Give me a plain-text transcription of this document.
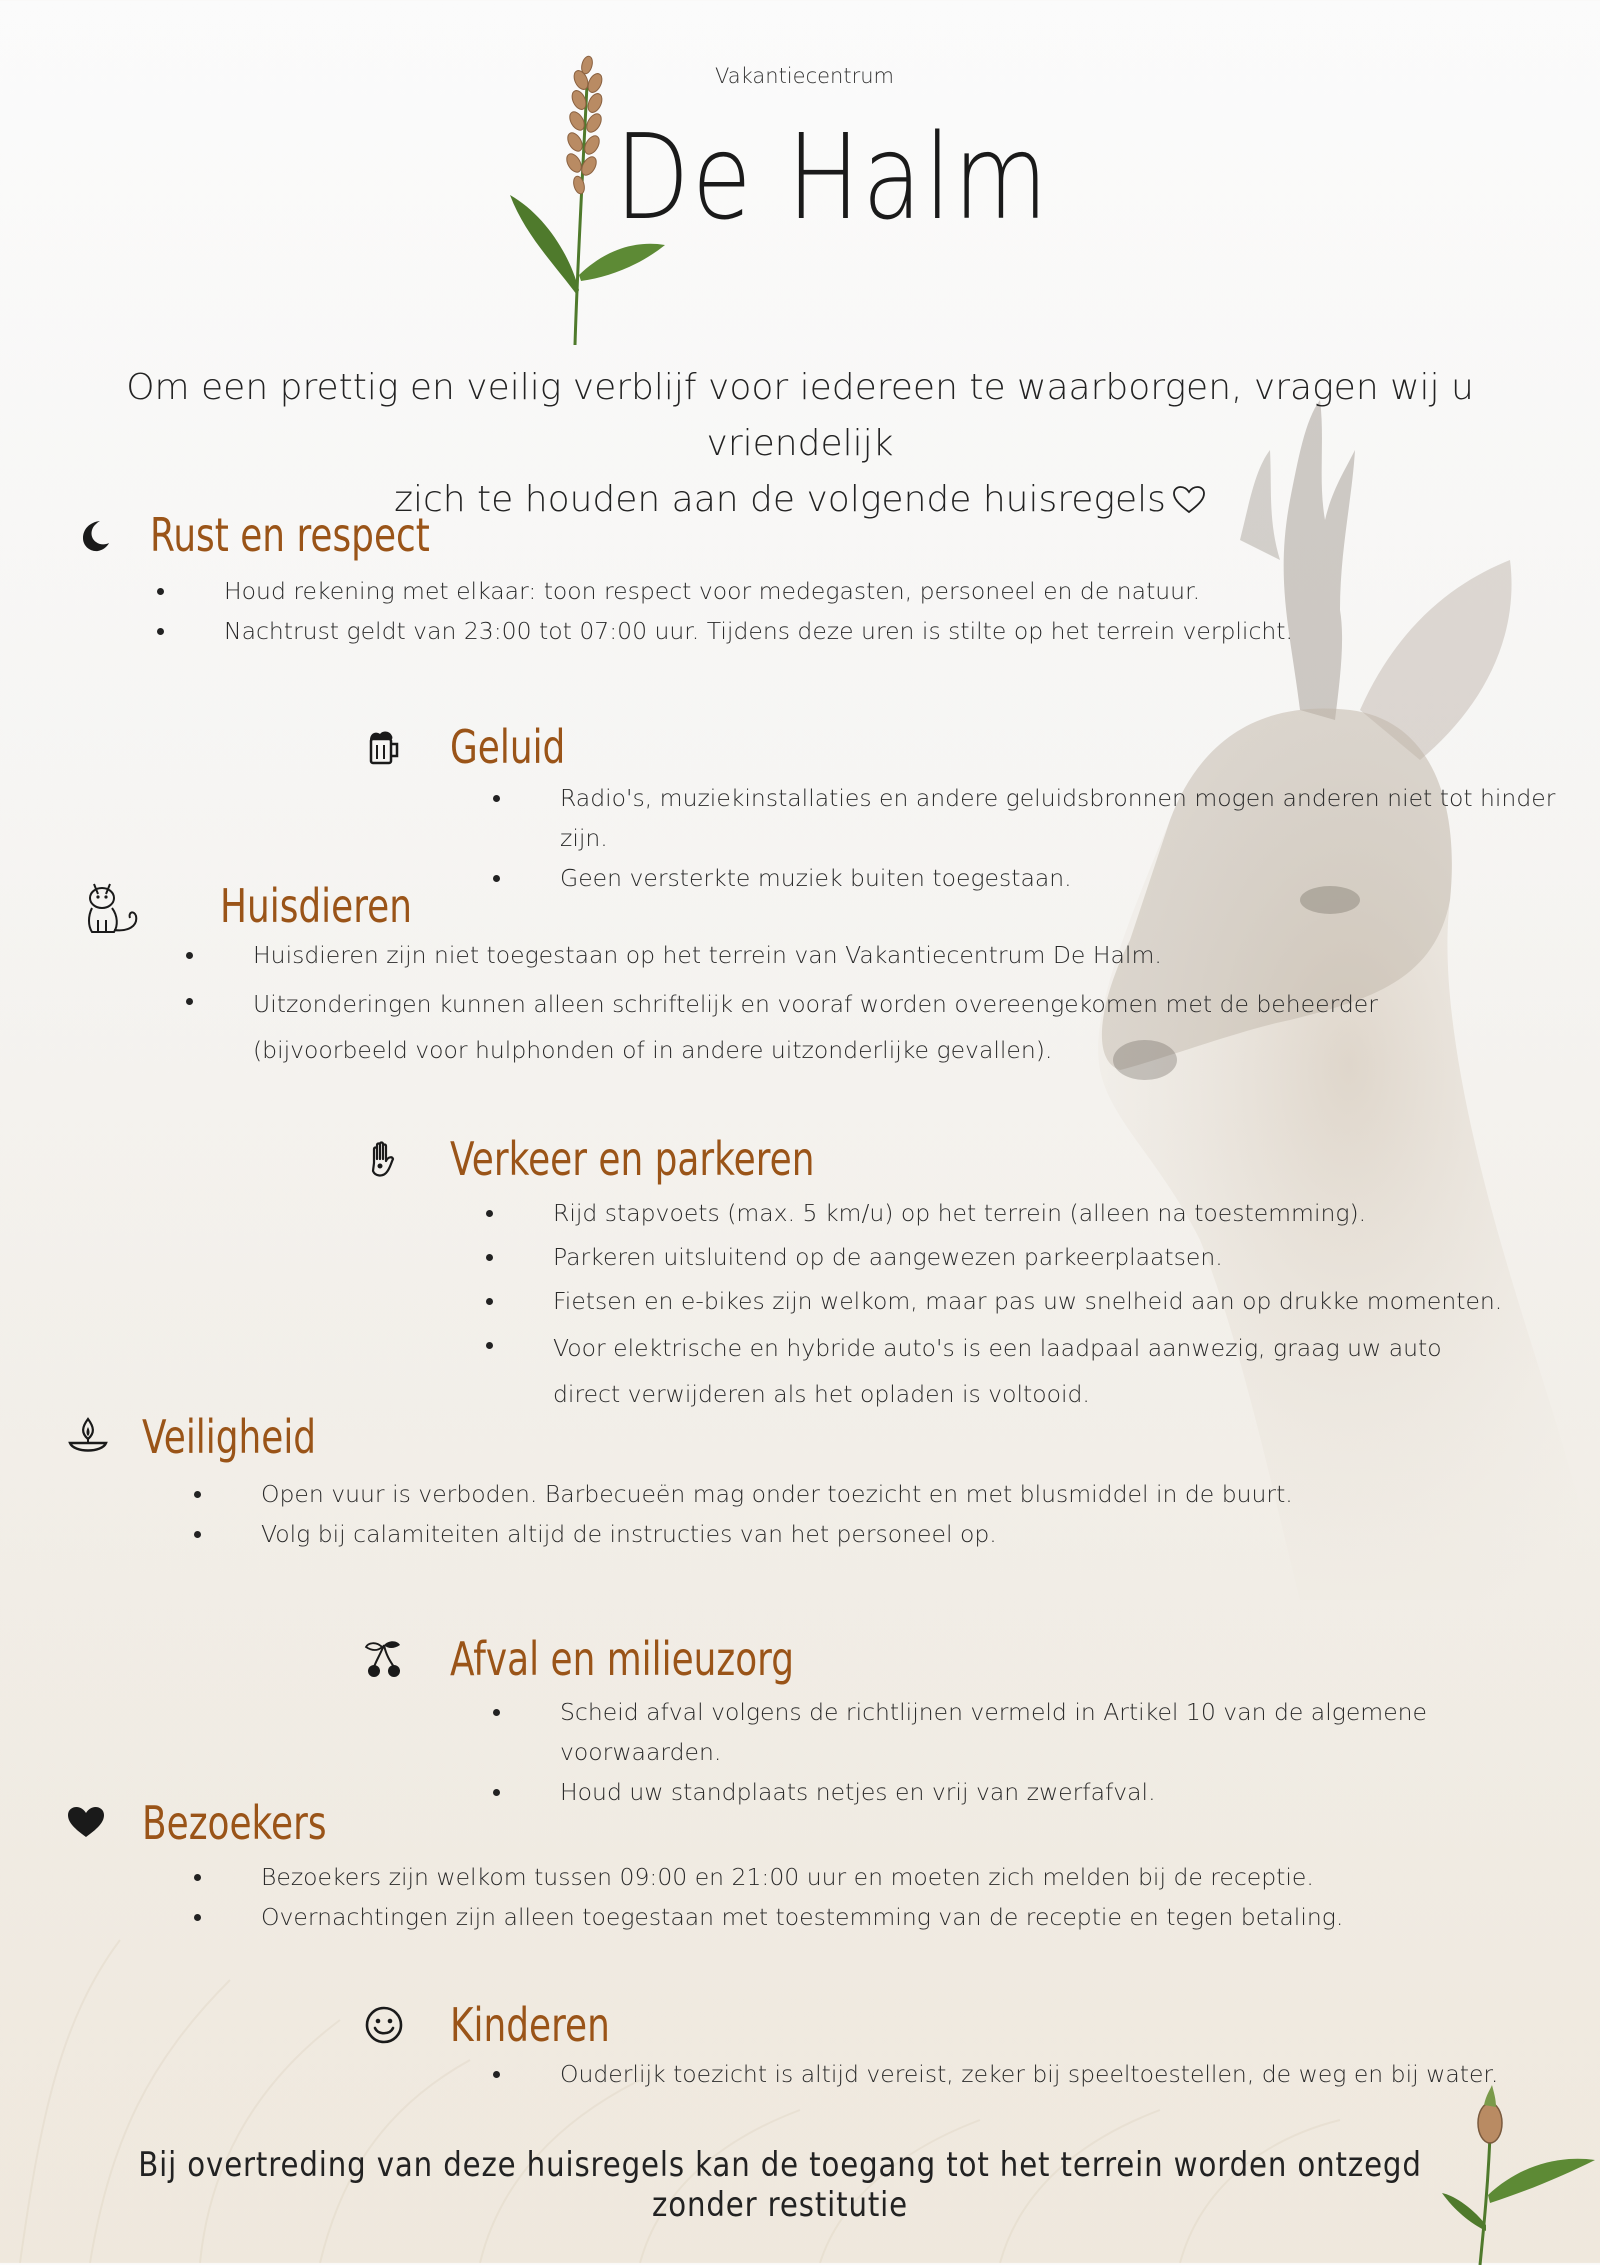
Vakantiecentrum
De Halm
Om een prettig en veilig verblijf voor iedereen te waarborgen, vragen wij u vriendelijk
zich te houden aan de volgende huisregels
Rust en respect
Houd rekening met elkaar: toon respect voor medegasten, personeel en de natuur.
Nachtrust geldt van 23:00 tot 07:00 uur. Tijdens deze uren is stilte op het terrein verplicht.
Geluid
Radio's, muziekinstallaties en andere geluidsbronnen mogen anderen niet tot hinder zijn.
Geen versterkte muziek buiten toegestaan.
Huisdieren
Huisdieren zijn niet toegestaan op het terrein van Vakantiecentrum De Halm.
Uitzonderingen kunnen alleen schriftelijk en vooraf worden overeengekomen met de beheerder (bijvoorbeeld voor hulphonden of in andere uitzonderlijke gevallen).
Verkeer en parkeren
Rijd stapvoets (max. 5 km/u) op het terrein (alleen na toestemming).
Parkeren uitsluitend op de aangewezen parkeerplaatsen.
Fietsen en e-bikes zijn welkom, maar pas uw snelheid aan op drukke momenten.
Voor elektrische en hybride auto's is een laadpaal aanwezig, graag uw auto direct verwijderen als het opladen is voltooid.
Veiligheid
Open vuur is verboden. Barbecueën mag onder toezicht en met blusmiddel in de buurt.
Volg bij calamiteiten altijd de instructies van het personeel op.
Afval en milieuzorg
Scheid afval volgens de richtlijnen vermeld in Artikel 10 van de algemene voorwaarden.
Houd uw standplaats netjes en vrij van zwerfafval.
Bezoekers
Bezoekers zijn welkom tussen 09:00 en 21:00 uur en moeten zich melden bij de receptie.
Overnachtingen zijn alleen toegestaan met toestemming van de receptie en tegen betaling.
Kinderen
Ouderlijk toezicht is altijd vereist, zeker bij speeltoestellen, de weg en bij water.
Bij overtreding van deze huisregels kan de toegang tot het terrein worden ontzegd zonder restitutie
